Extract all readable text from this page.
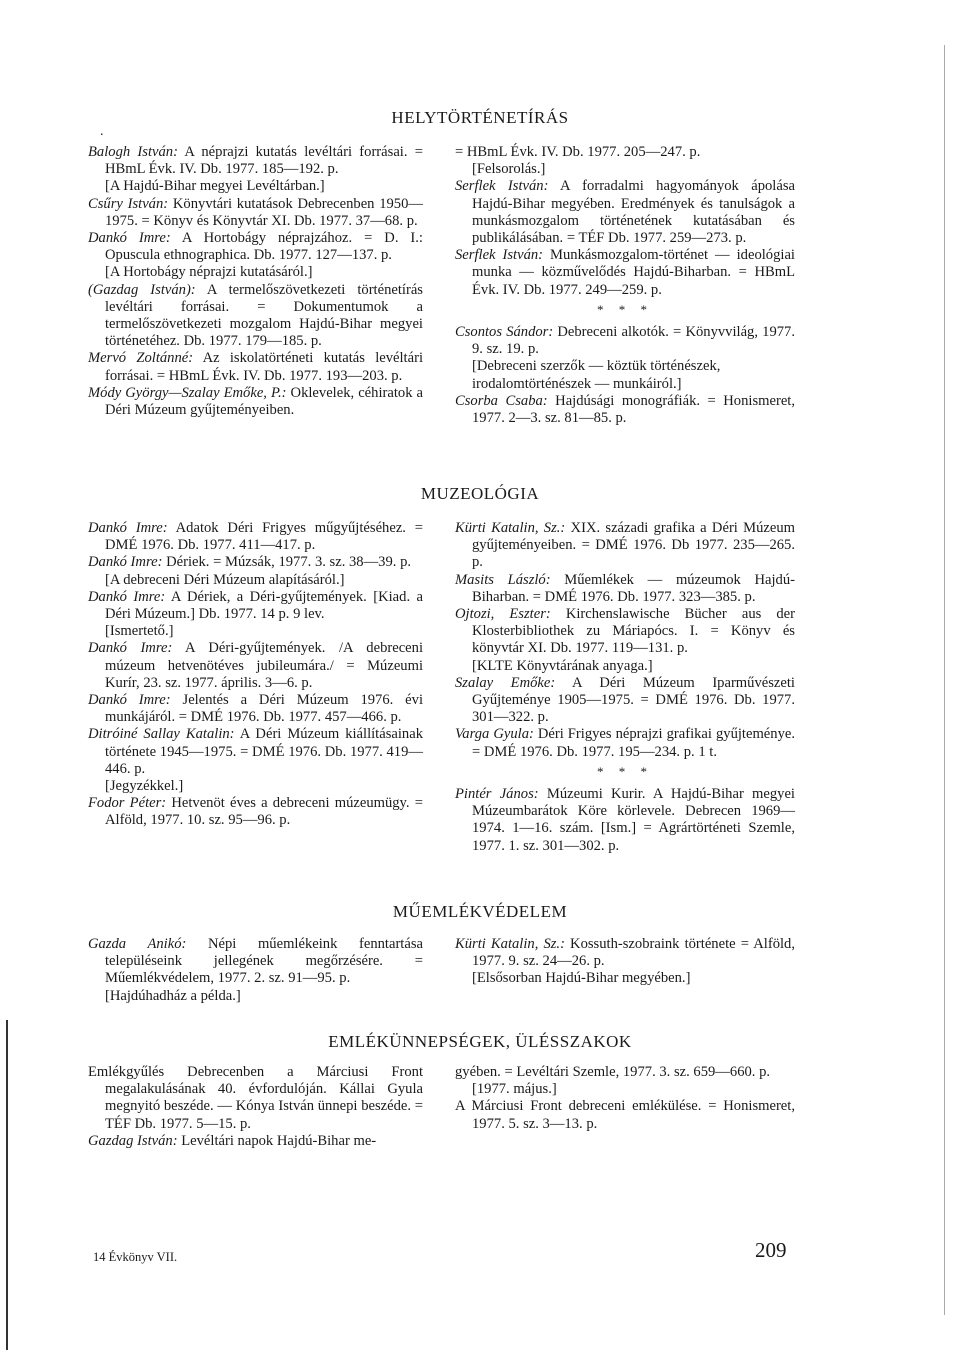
.
HELYTÖRTÉNETÍRÁS
Balogh István: A néprajzi kutatás levéltári forrásai. = HBmL Évk. IV. Db. 1977. 185—192. p.
[A Hajdú-Bihar megyei Levéltárban.]
Csűry István: Könyvtári kutatások Debrecenben 1950—1975. = Könyv és Könyvtár XI. Db. 1977. 37—68. p.
Dankó Imre: A Hortobágy néprajzához. = D. I.: Opuscula ethnographica. Db. 1977. 127—137. p.
[A Hortobágy néprajzi kutatásáról.]
(Gazdag István): A termelőszövetkezeti történetírás levéltári forrásai. = Dokumentumok a termelőszövetkezeti mozgalom Hajdú-Bihar megyei történetéhez. Db. 1977. 179—185. p.
Mervó Zoltánné: Az iskolatörténeti kutatás levéltári forrásai. = HBmL Évk. IV. Db. 1977. 193—203. p.
Módy György—Szalay Emőke, P.: Oklevelek, céhiratok a Déri Múzeum gyűjteményeiben.
= HBmL Évk. IV. Db. 1977. 205—247. p.
[Felsorolás.]
Serflek István: A forradalmi hagyományok ápolása Hajdú-Bihar megyében. Eredmények és tanulságok a munkásmozgalom történetének kutatásában és publikálásában. = TÉF Db. 1977. 259—273. p.
Serflek István: Munkásmozgalom-történet — ideológiai munka — közművelődés Hajdú-Biharban. = HBmL Évk. IV. Db. 1977. 249—259. p.
* * *
Csontos Sándor: Debreceni alkotók. = Könyvvilág, 1977. 9. sz. 19. p.
[Debreceni szerzők — köztük történészek, irodalomtörténészek — munkáiról.]
Csorba Csaba: Hajdúsági monográfiák. = Honismeret, 1977. 2—3. sz. 81—85. p.
MUZEOLÓGIA
Dankó Imre: Adatok Déri Frigyes műgyűjtéséhez. = DMÉ 1976. Db. 1977. 411—417. p.
Dankó Imre: Dériek. = Múzsák, 1977. 3. sz. 38—39. p.
[A debreceni Déri Múzeum alapításáról.]
Dankó Imre: A Dériek, a Déri-gyűjtemények. [Kiad. a Déri Múzeum.] Db. 1977. 14 p. 9 lev.
[Ismertető.]
Dankó Imre: A Déri-gyűjtemények. /A debreceni múzeum hetvenötéves jubileumára./ = Múzeumi Kurír, 23. sz. 1977. április. 3—6. p.
Dankó Imre: Jelentés a Déri Múzeum 1976. évi munkájáról. = DMÉ 1976. Db. 1977. 457—466. p.
Ditróiné Sallay Katalin: A Déri Múzeum kiállításainak története 1945—1975. = DMÉ 1976. Db. 1977. 419—446. p.
[Jegyzékkel.]
Fodor Péter: Hetvenöt éves a debreceni múzeumügy. = Alföld, 1977. 10. sz. 95—96. p.
Kürti Katalin, Sz.: XIX. századi grafika a Déri Múzeum gyűjteményeiben. = DMÉ 1976. Db 1977. 235—265. p.
Masits László: Műemlékek — múzeumok Hajdú-Biharban. = DMÉ 1976. Db. 1977. 323—385. p.
Ojtozi, Eszter: Kirchenslawische Bücher aus der Klosterbibliothek zu Máriapócs. I. = Könyv és könyvtár XI. Db. 1977. 119—131. p.
[KLTE Könyvtárának anyaga.]
Szalay Emőke: A Déri Múzeum Iparművészeti Gyűjteménye 1905—1975. = DMÉ 1976. Db. 1977. 301—322. p.
Varga Gyula: Déri Frigyes néprajzi grafikai gyűjteménye. = DMÉ 1976. Db. 1977. 195—234. p. 1 t.
* * *
Pintér János: Múzeumi Kurir. A Hajdú-Bihar megyei Múzeumbarátok Köre körlevele. Debrecen 1969—1974. 1—16. szám. [Ism.] = Agrártörténeti Szemle, 1977. 1. sz. 301—302. p.
MŰEMLÉKVÉDELEM
Gazda Anikó: Népi műemlékeink fenntartása településeink jellegének megőrzésére. = Műemlékvédelem, 1977. 2. sz. 91—95. p.
[Hajdúhadház a példa.]
Kürti Katalin, Sz.: Kossuth-szobraink története = Alföld, 1977. 9. sz. 24—26. p.
[Elsősorban Hajdú-Bihar megyében.]
EMLÉKÜNNEPSÉGEK, ÜLÉSSZAKOK
Emlékgyűlés Debrecenben a Márciusi Front megalakulásának 40. évfordulóján. Kállai Gyula megnyitó beszéde. — Kónya István ünnepi beszéde. = TÉF Db. 1977. 5—15. p.
Gazdag István: Levéltári napok Hajdú-Bihar me-
gyében. = Levéltári Szemle, 1977. 3. sz. 659—660. p.
[1977. május.]
A Márciusi Front debreceni emlékülése. = Honismeret, 1977. 5. sz. 3—13. p.
14 Évkönyv VII.	209
